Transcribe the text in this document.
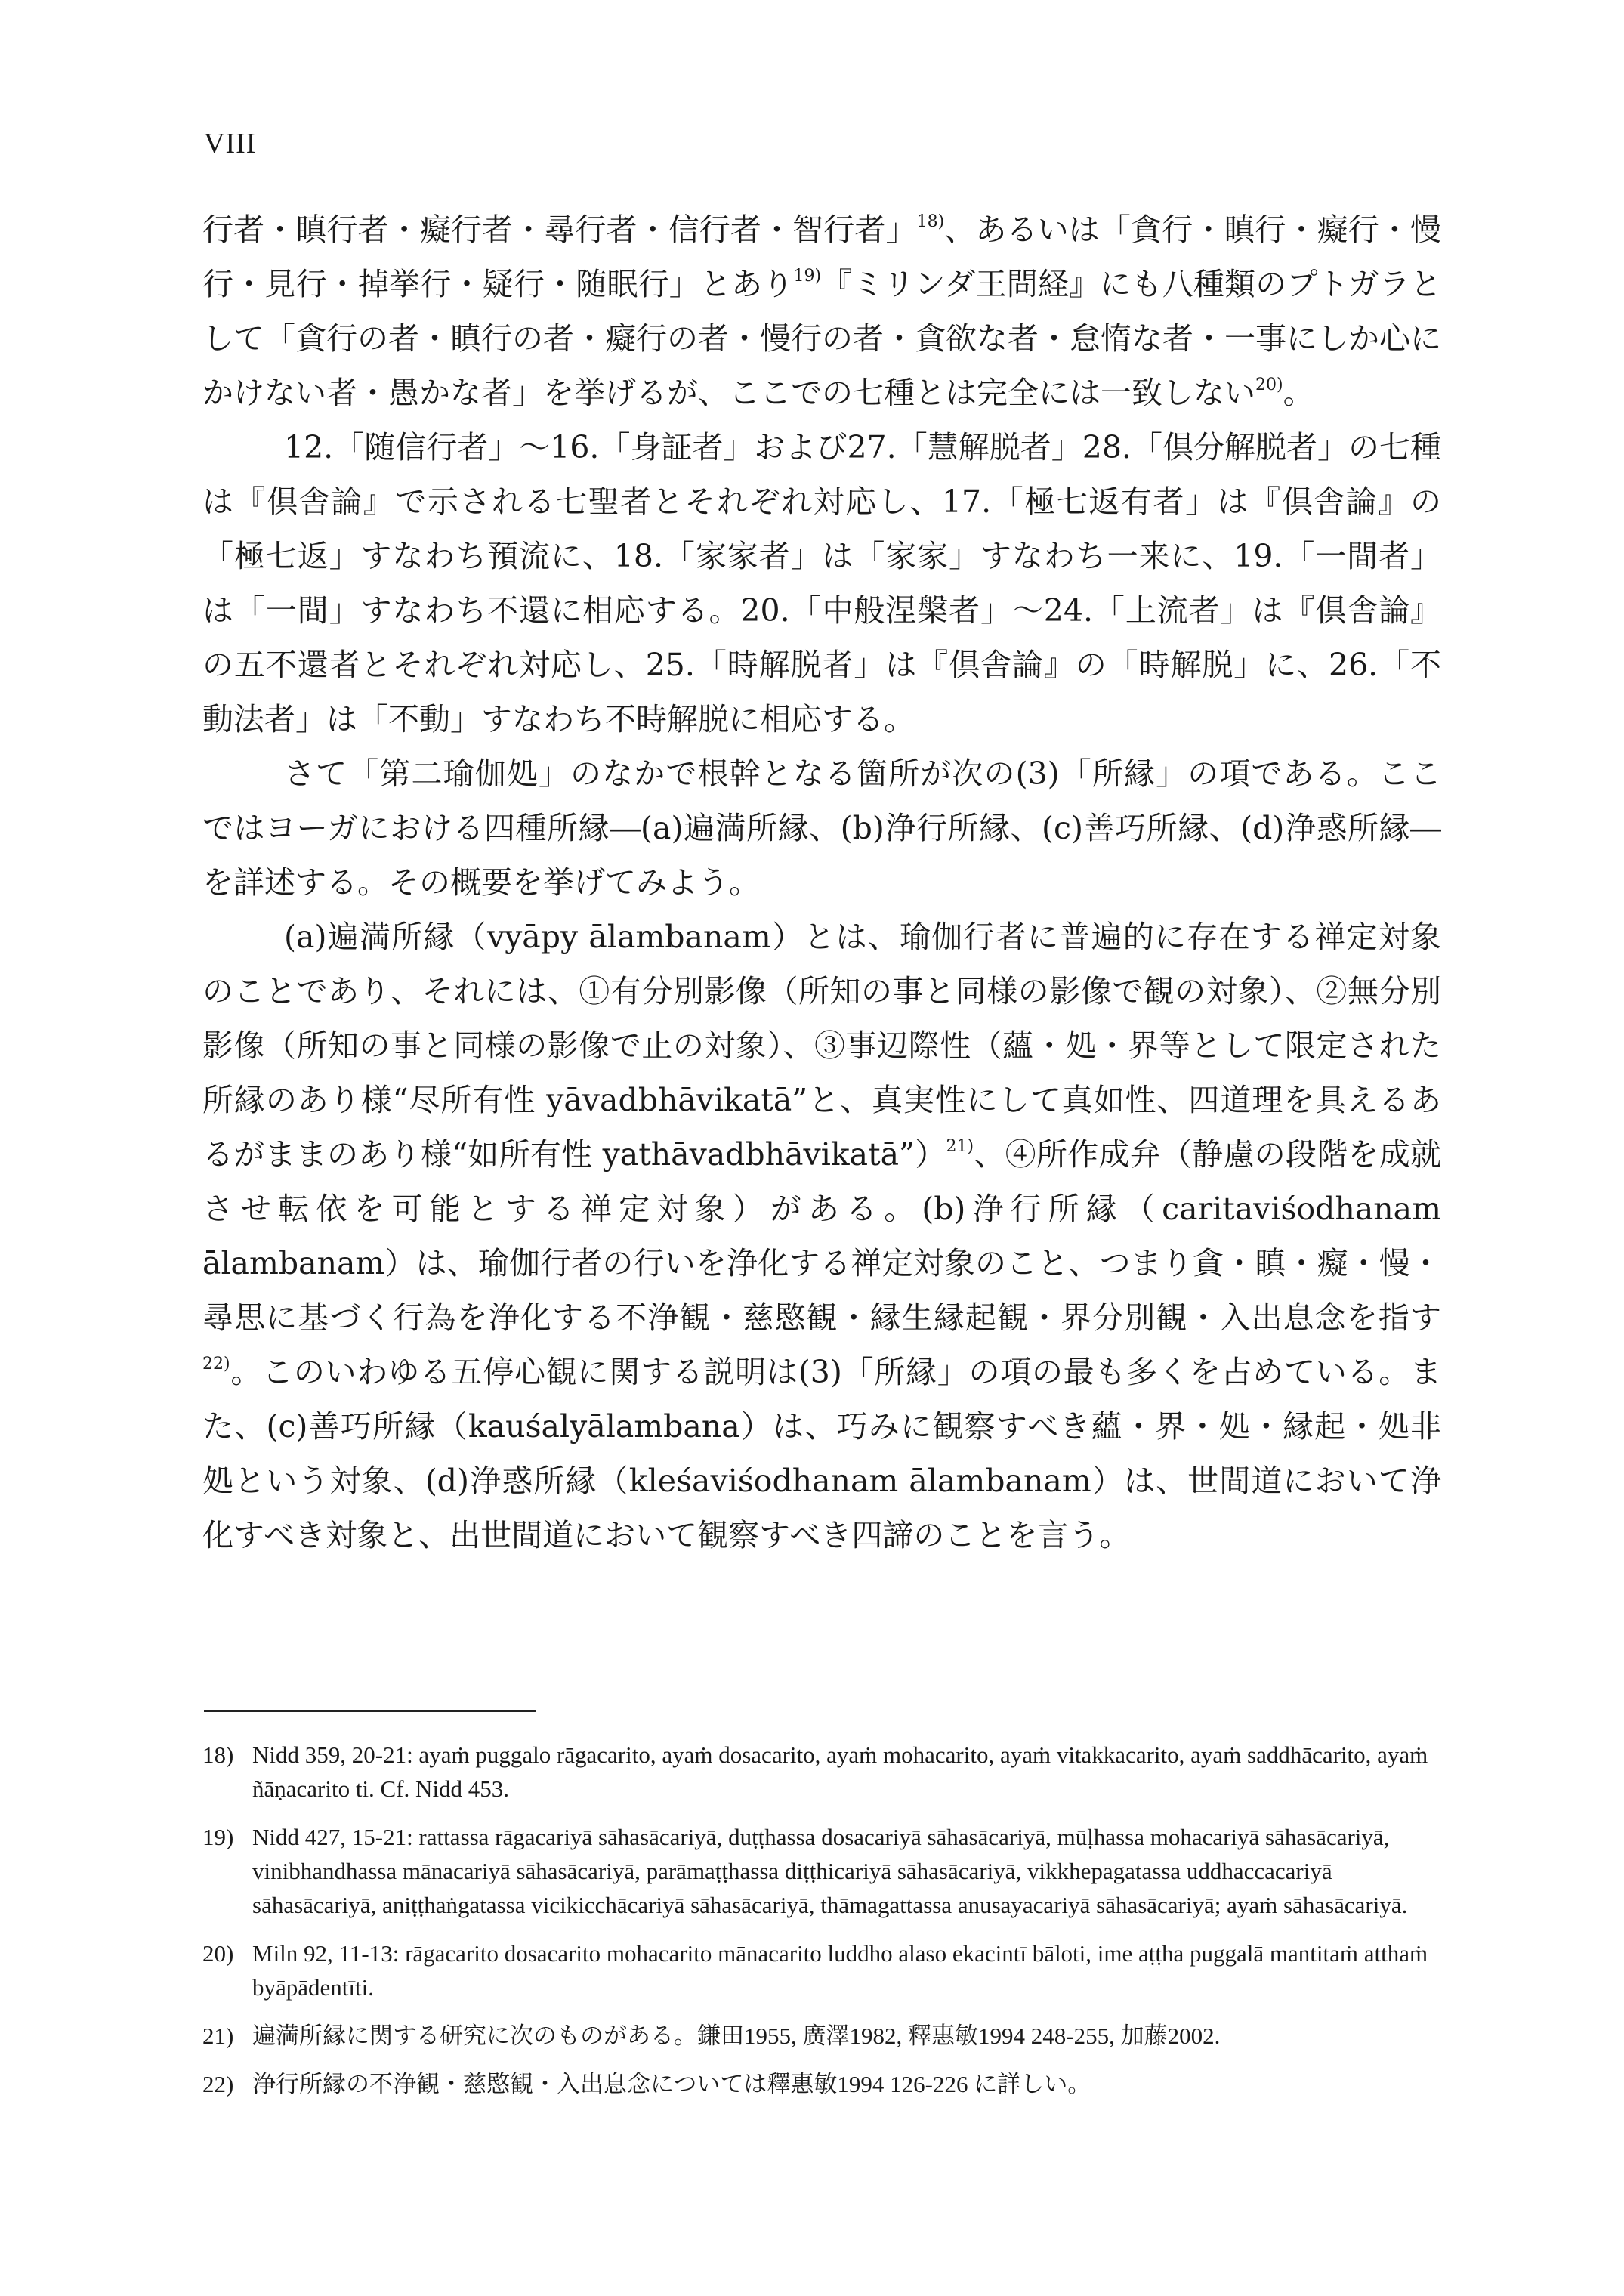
VIII

行者・瞋行者・癡行者・尋行者・信行者・智行者」$^{18)}$、あるいは「貪行・瞋行・癡行・慢行・見行・掉挙行・疑行・随眠行」とあり$^{19)}$『ミリンダ王問経』にも八種類のプトガラとして「貪行の者・瞋行の者・癡行の者・慢行の者・貪欲な者・怠惰な者・一事にしか心にかけない者・愚かな者」を挙げるが、ここでの七種とは完全には一致しない$^{20)}$。

12.「随信行者」～16.「身証者」および27.「慧解脱者」28.「倶分解脱者」の七種は『倶舎論』で示される七聖者とそれぞれ対応し、17.「極七返有者」は『倶舎論』の「極七返」すなわち預流に、18.「家家者」は「家家」すなわち一来に、19.「一間者」は「一間」すなわち不還に相応する。20.「中般涅槃者」～24.「上流者」は『倶舎論』の五不還者とそれぞれ対応し、25.「時解脱者」は『倶舎論』の「時解脱」に、26.「不動法者」は「不動」すなわち不時解脱に相応する。

さて「第二瑜伽処」のなかで根幹となる箇所が次の(3)「所縁」の項である。ここではヨーガにおける四種所縁―(a)遍満所縁、(b)浄行所縁、(c)善巧所縁、(d)浄惑所縁―を詳述する。その概要を挙げてみよう。

(a)遍満所縁（vyāpy ālambanam）とは、瑜伽行者に普遍的に存在する禅定対象のことであり、それには、①有分別影像（所知の事と同様の影像で観の対象）、②無分別影像（所知の事と同様の影像で止の対象）、③事辺際性（蘊・処・界等として限定された所縁のあり様“尽所有性 yāvadbhāvikatā”と、真実性にして真如性、四道理を具えるあるがままのあり様“如所有性 yathāvadbhāvikatā”）$^{21)}$、④所作成弁（静慮の段階を成就させ転依を可能とする禅定対象）がある。(b)浄行所縁（caritaviśodhanam ālambanam）は、瑜伽行者の行いを浄化する禅定対象のこと、つまり貪・瞋・癡・慢・尋思に基づく行為を浄化する不浄観・慈愍観・縁生縁起観・界分別観・入出息念を指す$^{22)}$。このいわゆる五停心観に関する説明は(3)「所縁」の項の最も多くを占めている。また、(c)善巧所縁（kauśalyālambana）は、巧みに観察すべき蘊・界・処・縁起・処非処という対象、(d)浄惑所縁（kleśaviśodhanam ālambanam）は、世間道において浄化すべき対象と、出世間道において観察すべき四諦のことを言う。

18) Nidd 359, 20-21: ayaṁ puggalo rāgacarito, ayaṁ dosacarito, ayaṁ mohacarito, ayaṁ vitakkacarito, ayaṁ saddhācarito, ayaṁ ñāṇacarito ti. Cf. Nidd 453.
19) Nidd 427, 15-21: rattassa rāgacariyā sāhasācariyā, duṭṭhassa dosacariyā sāhasācariyā, mūḷhassa mohacariyā sāhasācariyā, vinibhandhassa mānacariyā sāhasācariyā, parāmaṭṭhassa diṭṭhicariyā sāhasācariyā, vikkhepagatassa uddhaccacariyā sāhasācariyā, aniṭṭhaṅgatassa vicikicchācariyā sāhasācariyā, thāmagattassa anusayacariyā sāhasācariyā; ayaṁ sāhasācariyā.
20) Miln 92, 11-13: rāgacarito dosacarito mohacarito mānacarito luddho alaso ekacintī bāloti, ime aṭṭha puggalā mantitaṁ atthaṁ byāpādentīti.
21) 遍満所縁に関する研究に次のものがある。鎌田1955, 廣澤1982, 釋惠敏1994 248-255, 加藤2002.
22) 浄行所縁の不浄観・慈愍観・入出息念については釋惠敏1994 126-226 に詳しい。
